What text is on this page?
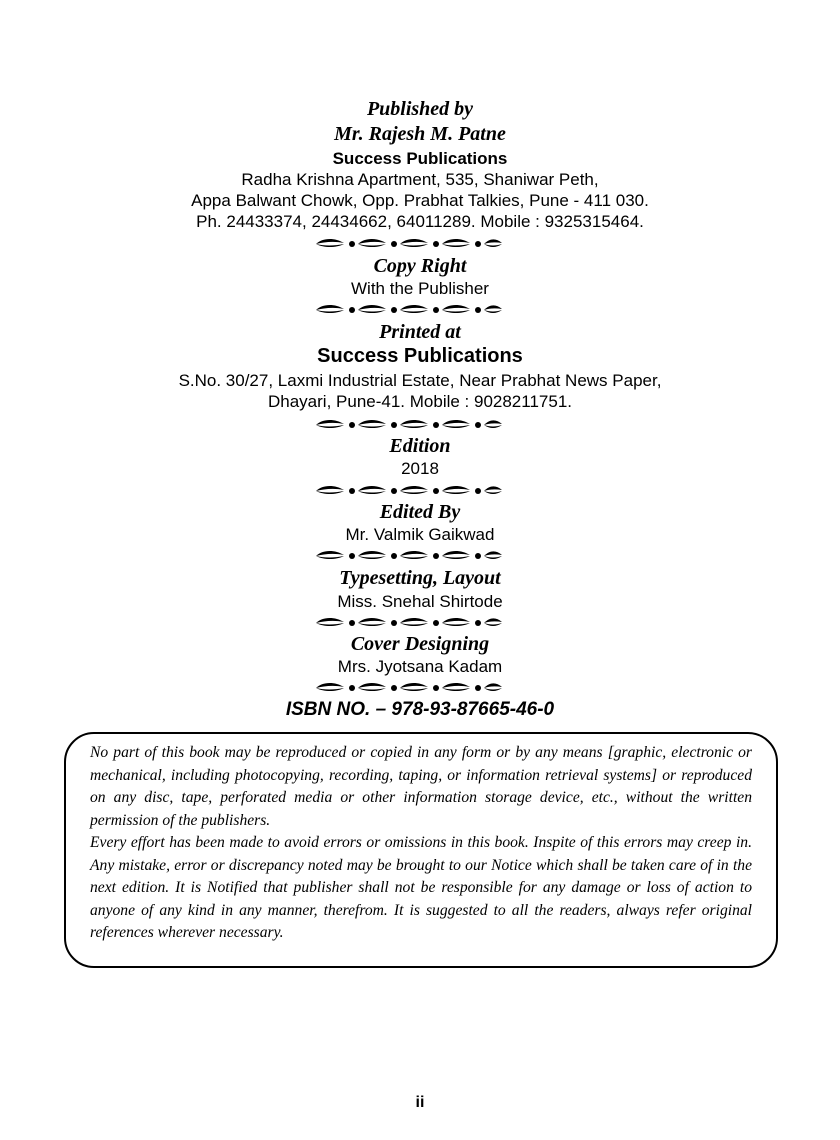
Published by
Mr. Rajesh M. Patne
Success Publications
Radha Krishna Apartment, 535, Shaniwar Peth,
Appa Balwant Chowk, Opp. Prabhat Talkies, Pune - 411 030.
Ph. 24433374, 24434662, 64011289. Mobile : 9325315464.
Copy Right
With the Publisher
Printed at
Success Publications
S.No. 30/27, Laxmi Industrial Estate, Near Prabhat News Paper,
Dhayari, Pune-41. Mobile : 9028211751.
Edition
2018
Edited By
Mr. Valmik Gaikwad
Typesetting, Layout
Miss. Snehal Shirtode
Cover Designing
Mrs. Jyotsana Kadam
ISBN NO. – 978-93-87665-46-0

No part of this book may be reproduced or copied in any form or by any means [graphic, electronic or mechanical, including photocopying, recording, taping, or information retrieval systems] or reproduced on any disc, tape, perforated media or other information storage device, etc., without the written permission of the publishers.

Every effort has been made to avoid errors or omissions in this book. Inspite of this errors may creep in. Any mistake, error or discrepancy noted may be brought to our Notice which shall be taken care of in the next edition. It is Notified that publisher shall not be responsible for any damage or loss of action to anyone of any kind in any manner, therefrom. It is suggested to all the readers, always refer original references wherever necessary.

ii
